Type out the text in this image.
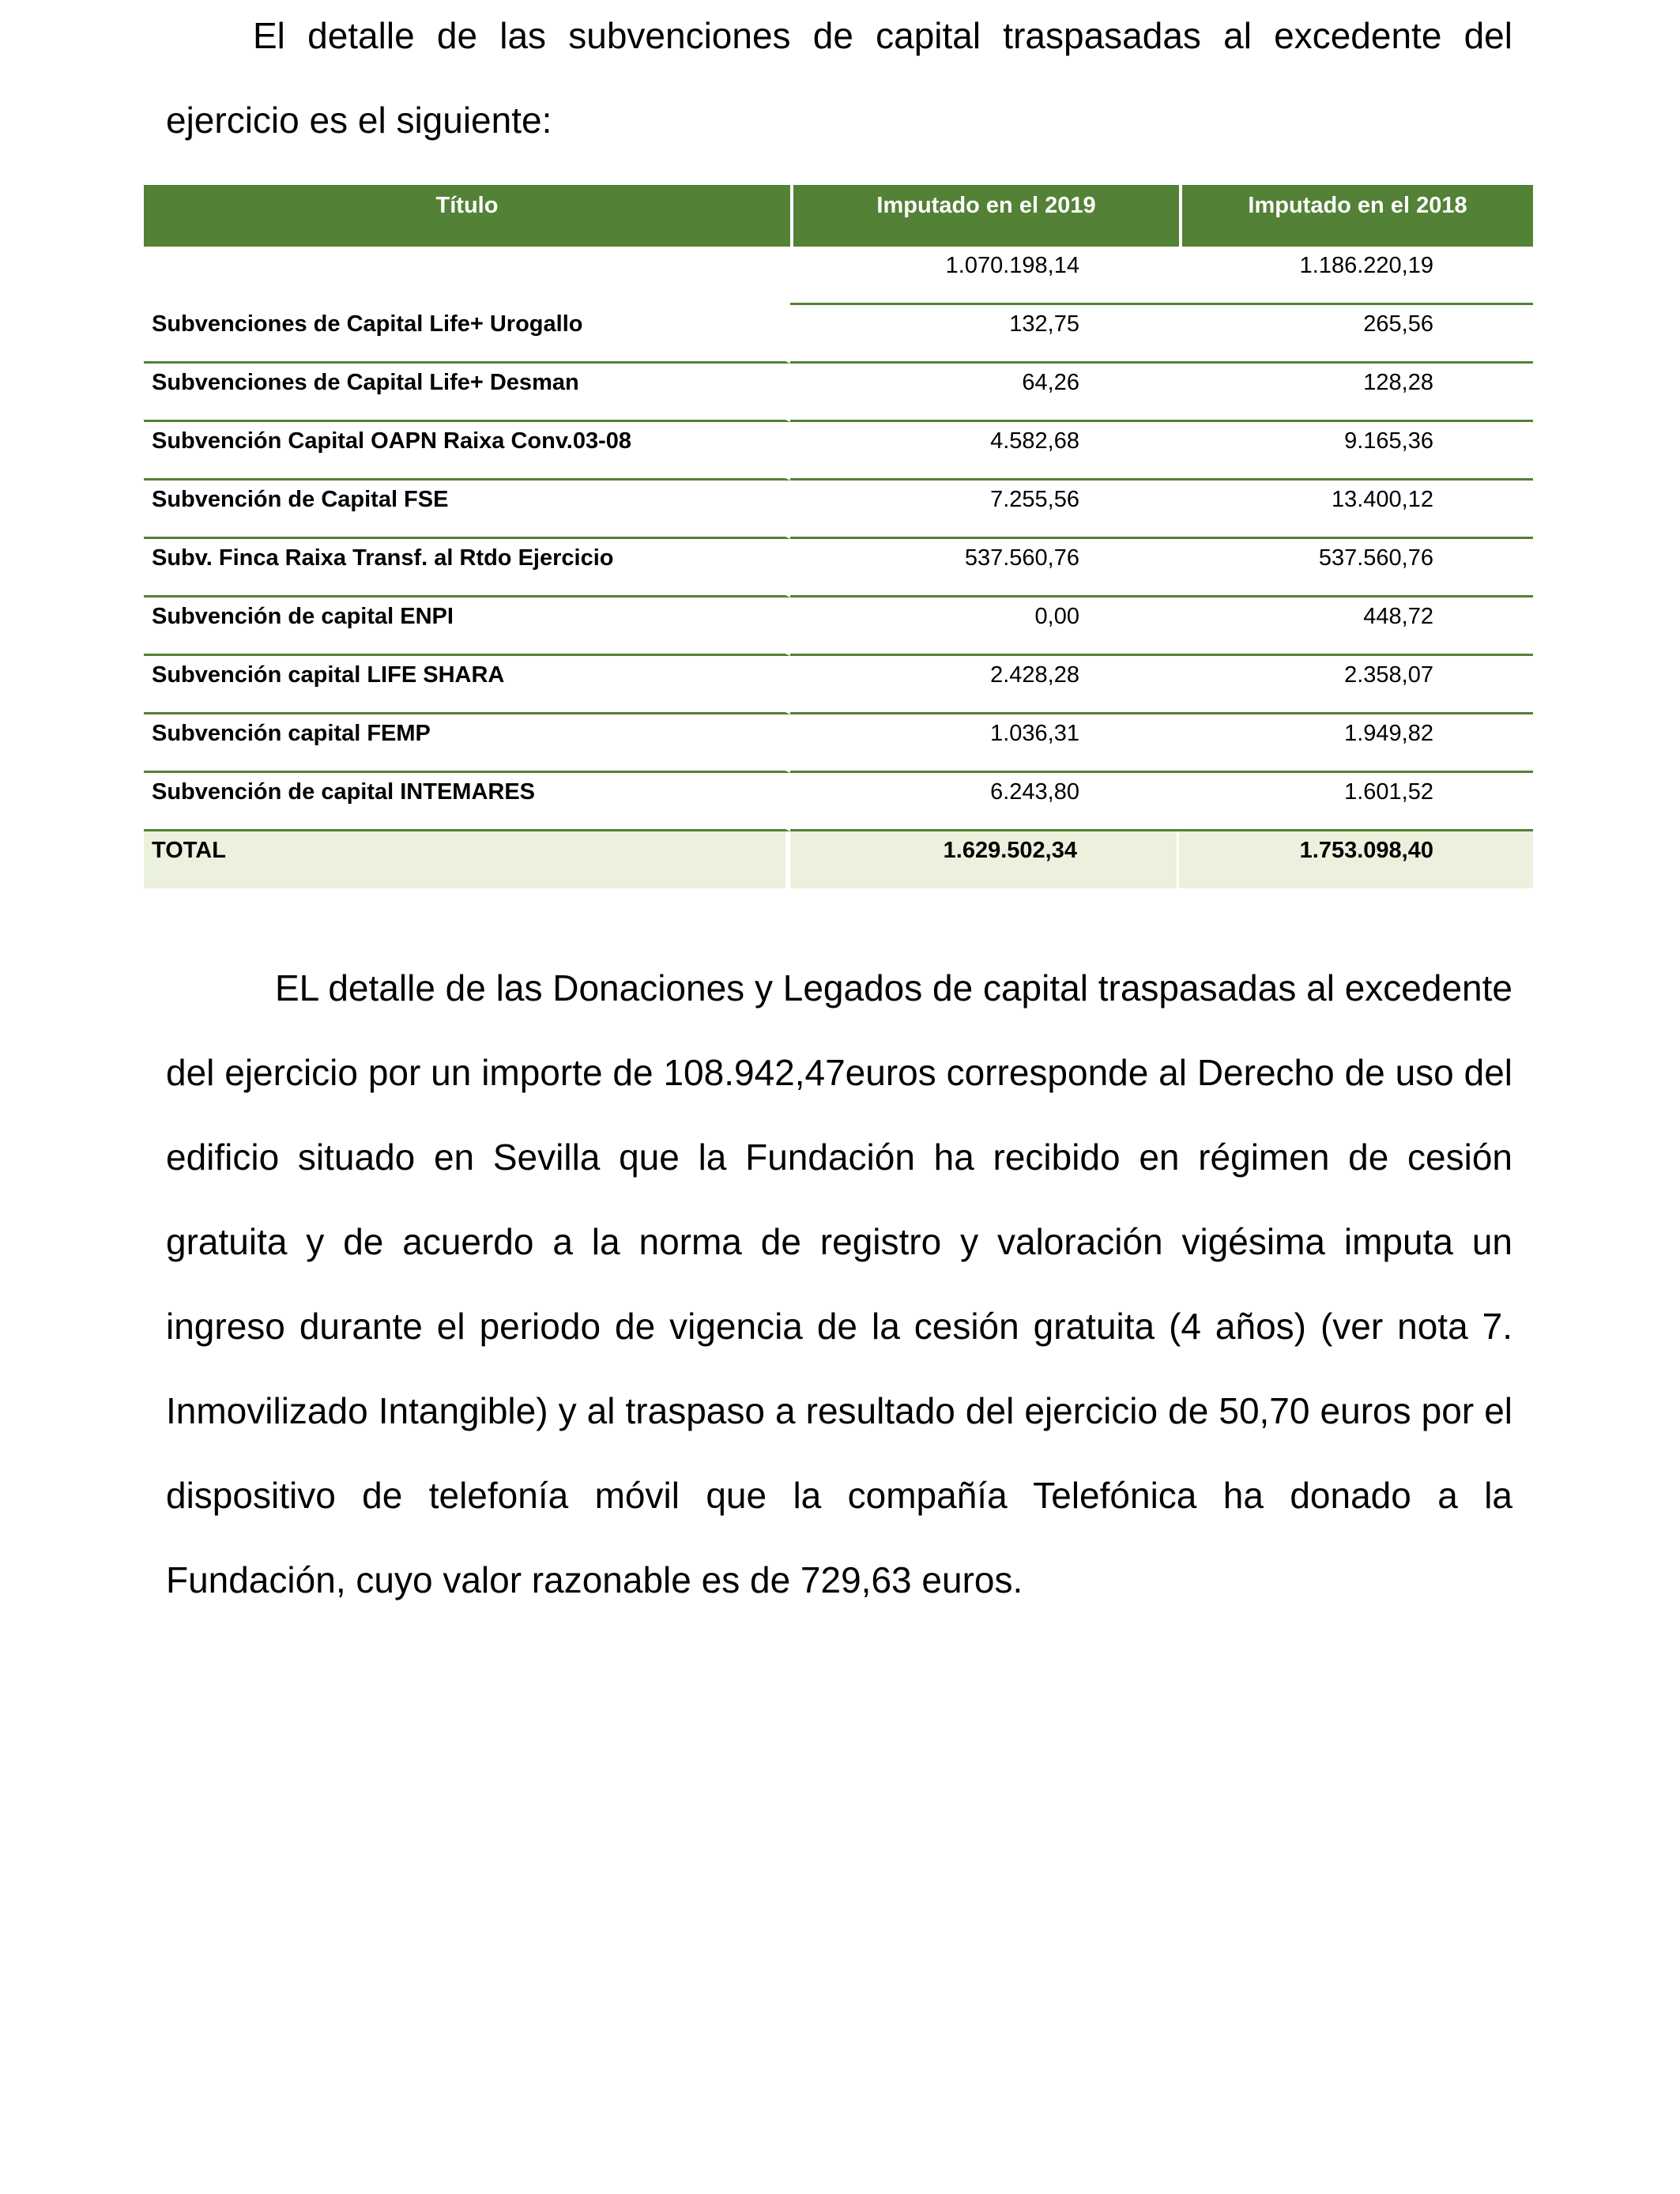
El detalle de las subvenciones de capital traspasadas al excedente del ejercicio es el siguiente:

Título	Imputado en el 2019	Imputado en el 2018
	1.070.198,14	1.186.220,19
Subvenciones de Capital Life+ Urogallo	132,75	265,56
Subvenciones de Capital Life+ Desman	64,26	128,28
Subvención Capital OAPN Raixa Conv.03-08	4.582,68	9.165,36
Subvención de Capital FSE	7.255,56	13.400,12
Subv. Finca Raixa Transf. al Rtdo Ejercicio	537.560,76	537.560,76
Subvención de capital ENPI	0,00	448,72
Subvención capital LIFE SHARA	2.428,28	2.358,07
Subvención capital FEMP	1.036,31	1.949,82
Subvención de capital INTEMARES	6.243,80	1.601,52
TOTAL	1.629.502,34	1.753.098,40

EL detalle de las Donaciones y Legados de capital traspasadas al excedente del ejercicio por un importe de 108.942,47euros corresponde al Derecho de uso del edificio situado en Sevilla que la Fundación ha recibido en régimen de cesión gratuita y de acuerdo a la norma de registro y valoración vigésima imputa un ingreso durante el periodo de vigencia de la cesión gratuita (4 años) (ver nota 7. Inmovilizado Intangible) y al traspaso a resultado del ejercicio de 50,70 euros por el dispositivo de telefonía móvil que la compañía Telefónica ha donado a la Fundación, cuyo valor razonable es de 729,63 euros.
